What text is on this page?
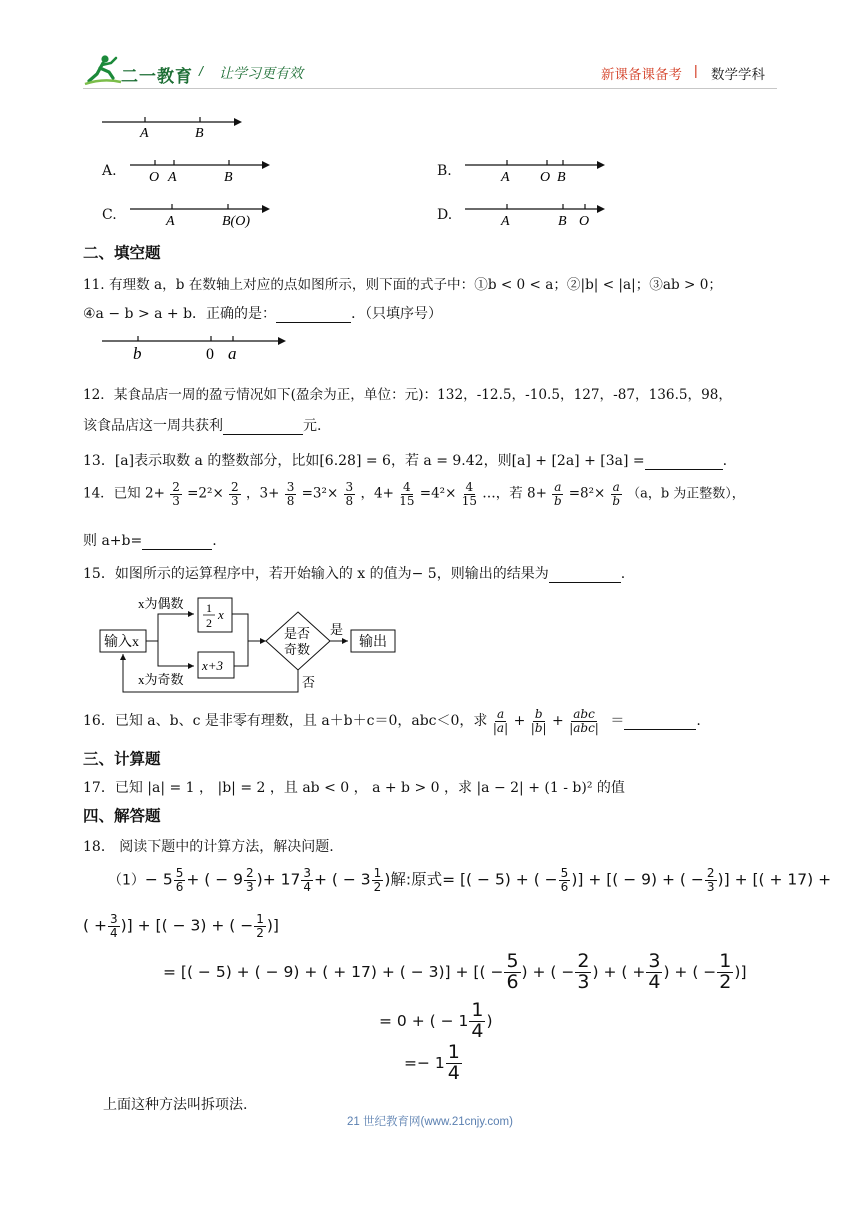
二一教育 / 让学习更有效	新课备课备考 | 数学学科
A	B
A. O A	B	B.	A O B
C.	A	B(O)	D.	A	B O
二、填空题
11. 有理数 a，b 在数轴上对应的点如图所示，则下面的式子中：①b < 0 < a；②|b| < |a|；③ab > 0；
④a − b > a + b．正确的是：	．（只填序号）
b	0 a
12．某食品店一周的盈亏情况如下(盈余为正，单位：元)：132，-12.5，-10.5，127，-87，136.5，98，
该食品店这一周共获利	元.
13．[a]表示取数 a 的整数部分，比如[6.28] = 6，若 a = 9.42，则[a] + [2a] + [3a] =	.
14．已知 $2+ \frac{2}{3} =2^2\times \frac{2}{3}$ ，$3+ \frac{3}{8} =3^2\times \frac{3}{8}$ ，$4+ \frac{4}{15} =4^2\times \frac{4}{15}$ …，若 $8+ \frac{a}{b} =8^2\times \frac{a}{b} (a$，b 为正整数），
则 a+b=	.
15．如图所示的运算程序中，若开始输入的 x 的值为− 5，则输出的结果为	.
输入x
x为偶数
x为奇数
1
2
x
x+3
是否
奇数
是
输出
否
16．已知 a、b、c 是非零有理数，且 a＋b＋c＝0，abc＜0，求 $\frac{a}{|a|} + \frac{b}{|b|} + \frac{\text{abc}}{\text{|abc|}}$ ＝	.
三、计算题
17．已知 |a| = 1 ， |b| = 2 ，且 ab < 0 ， a + b > 0 ，求 |a − 2| + (1 - b)² 的值
四、解答题
18． 阅读下题中的计算方法，解决问题.
$(1)- 5 \frac{5}{6}$ + ( − $9 \frac{2}{3}$ )+ $17 \frac{3}{4}$ + ( − $3 \frac{1}{2}$ )解:原式= [( − 5) + ( − $\frac{5}{6}$ )] + [( − 9) + ( − $\frac{2}{3}$ )] + [( + 17) +
( + $\frac{3}{4}$ )] + [( − 3) + ( − $\frac{1}{2}$ )]
= [( − 5) + ( − 9) + ( + 17) + ( − 3)] + [( − $\frac{5}{6}$ ) + ( − $\frac{2}{3}$ ) + ( + $\frac{3}{4}$ ) + ( − $\frac{1}{2}$ )]
= 0 + ( − $1 \frac{1}{4}$ )
=− $1 \frac{1}{4}$
上面这种方法叫拆项法.
21 世纪教育网(www.21cnjy.com)
